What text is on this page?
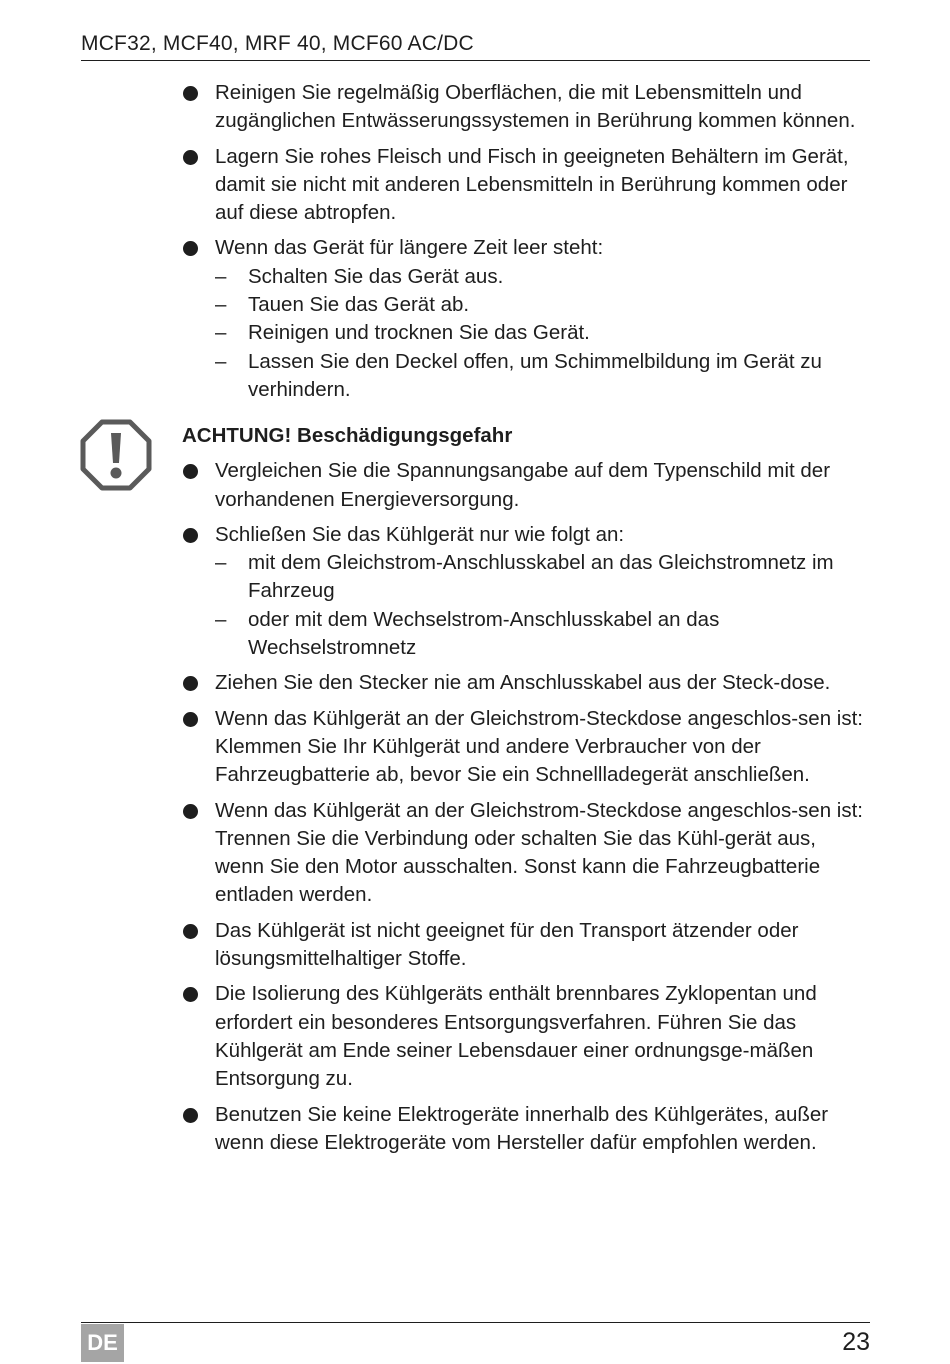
MCF32, MCF40, MRF 40, MCF60 AC/DC
Reinigen Sie regelmäßig Oberflächen, die mit Lebensmitteln und zugänglichen Entwässerungssystemen in Berührung kommen können.
Lagern Sie rohes Fleisch und Fisch in geeigneten Behältern im Gerät, damit sie nicht mit anderen Lebensmitteln in Berührung kommen oder auf diese abtropfen.
Wenn das Gerät für längere Zeit leer steht:
–	Schalten Sie das Gerät aus.
–	Tauen Sie das Gerät ab.
–	Reinigen und trocknen Sie das Gerät.
–	Lassen Sie den Deckel offen, um Schimmelbildung im Gerät zu verhindern.
ACHTUNG! Beschädigungsgefahr
Vergleichen Sie die Spannungsangabe auf dem Typenschild mit der vorhandenen Energieversorgung.
Schließen Sie das Kühlgerät nur wie folgt an:
–	mit dem Gleichstrom-Anschlusskabel an das Gleichstromnetz im Fahrzeug
–	oder mit dem Wechselstrom-Anschlusskabel an das Wechselstromnetz
Ziehen Sie den Stecker nie am Anschlusskabel aus der Steck-dose.
Wenn das Kühlgerät an der Gleichstrom-Steckdose angeschlos-sen ist: Klemmen Sie Ihr Kühlgerät und andere Verbraucher von der Fahrzeugbatterie ab, bevor Sie ein Schnellladegerät anschließen.
Wenn das Kühlgerät an der Gleichstrom-Steckdose angeschlos-sen ist: Trennen Sie die Verbindung oder schalten Sie das Kühl-gerät aus, wenn Sie den Motor ausschalten. Sonst kann die Fahrzeugbatterie entladen werden.
Das Kühlgerät ist nicht geeignet für den Transport ätzender oder lösungsmittelhaltiger Stoffe.
Die Isolierung des Kühlgeräts enthält brennbares Zyklopentan und erfordert ein besonderes Entsorgungsverfahren. Führen Sie das Kühlgerät am Ende seiner Lebensdauer einer ordnungsge-mäßen Entsorgung zu.
Benutzen Sie keine Elektrogeräte innerhalb des Kühlgerätes, außer wenn diese Elektrogeräte vom Hersteller dafür empfohlen werden.
DE	23
